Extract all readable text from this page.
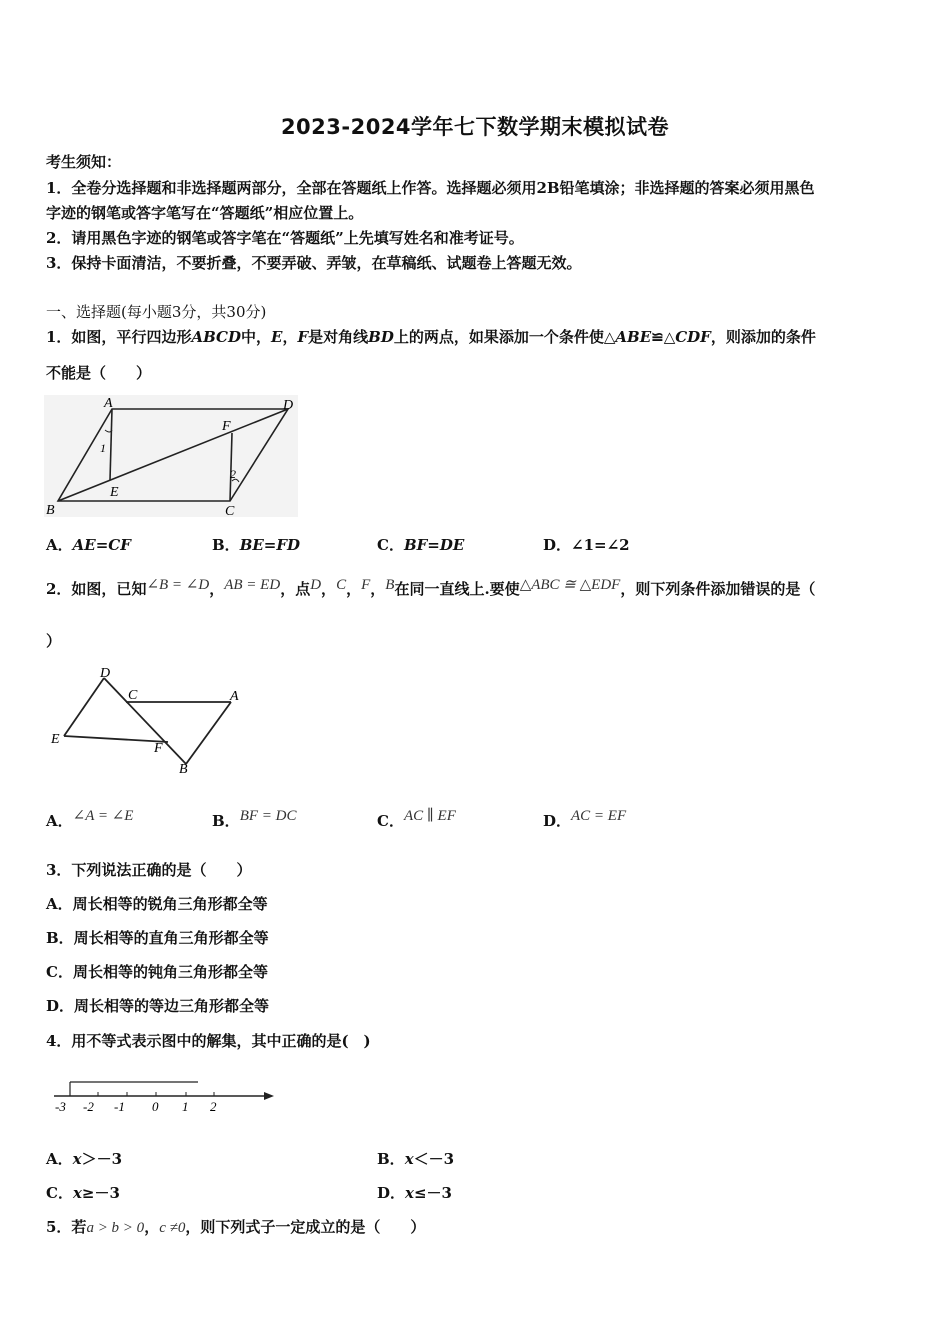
2023-2024学年七下数学期末模拟试卷
考生须知：
1．全卷分选择题和非选择题两部分，全部在答题纸上作答。选择题必须用2B铅笔填涂；非选择题的答案必须用黑色
字迹的钢笔或答字笔写在“答题纸”相应位置上。
2．请用黑色字迹的钢笔或答字笔在“答题纸”上先填写姓名和准考证号。
3．保持卡面清洁，不要折叠，不要弄破、弄皱，在草稿纸、试题卷上答题无效。
一、选择题(每小题3分，共30分)
1．如图，平行四边形ABCD中，E，F是对角线BD上的两点，如果添加一个条件使△ABE≌△CDF，则添加的条件
不能是（　　）
A	D
B	C
E
F
1
2
A．AE=CF	B．BE=FD	C．BF=DE	D．∠1=∠2
2．如图，已知∠B = ∠D，AB = ED，点D，C，F，B在同一直线上.要使△ABC ≅ △EDF，则下列条件添加错误的是（
）
D
C	A
E
F
B
A．∠A = ∠E	B．BF = DC	C．AC ∥ EF	D．AC = EF
3．下列说法正确的是（　　）
A．周长相等的锐角三角形都全等
B．周长相等的直角三角形都全等
C．周长相等的钝角三角形都全等
D．周长相等的等边三角形都全等
4．用不等式表示图中的解集，其中正确的是(　)
-3 -2 -1 0 1 2
A．x＞－3	B．x＜－3
C．x≥－3	D．x≤－3
5．若a > b > 0，c ≠0，则下列式子一定成立的是（　　）
